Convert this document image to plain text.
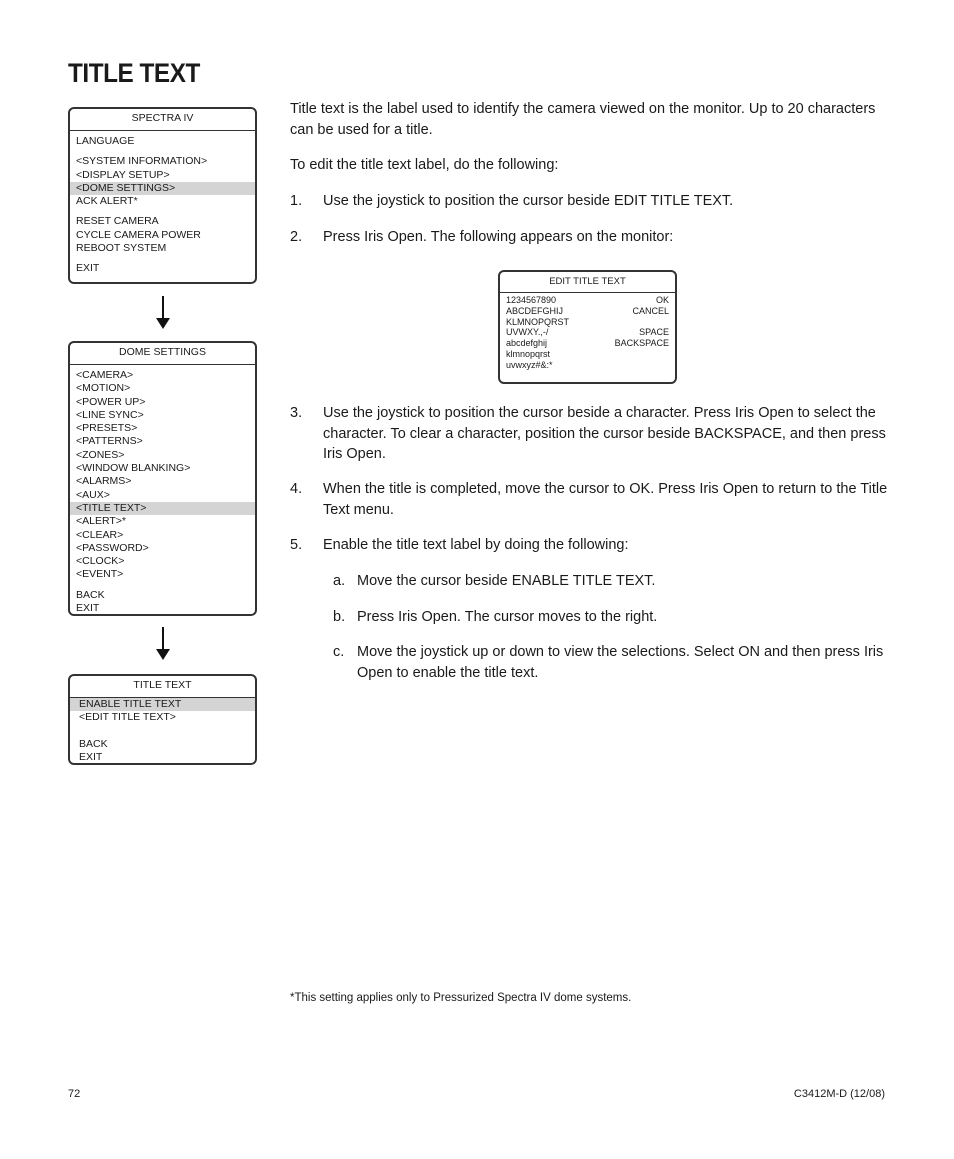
TITLE TEXT
SPECTRA IV
LANGUAGE
<SYSTEM INFORMATION>
<DISPLAY SETUP>
<DOME SETTINGS>
ACK ALERT*
RESET CAMERA
CYCLE CAMERA POWER
REBOOT SYSTEM
EXIT
DOME SETTINGS
<CAMERA>
<MOTION>
<POWER UP>
<LINE SYNC>
<PRESETS>
<PATTERNS>
<ZONES>
<WINDOW BLANKING>
<ALARMS>
<AUX>
<TITLE TEXT>
<ALERT>*
<CLEAR>
<PASSWORD>
<CLOCK>
<EVENT>
BACK
EXIT
TITLE TEXT
ENABLE TITLE TEXT
<EDIT TITLE TEXT>
BACK
EXIT

Title text is the label used to identify the camera viewed on the monitor. Up to 20 characters can be used for a title.

To edit the title text label, do the following:

1. Use the joystick to position the cursor beside EDIT TITLE TEXT.
2. Press Iris Open. The following appears on the monitor:
EDIT TITLE TEXT
1234567890
ABCDEFGHIJ
KLMNOPQRST
UVWXY.,-/
abcdefghij
klmnopqrst
uvwxyz#&:*
OK
CANCEL
SPACE
BACKSPACE
3. Use the joystick to position the cursor beside a character. Press Iris Open to select the character. To clear a character, position the cursor beside BACKSPACE, and then press Iris Open.
4. When the title is completed, move the cursor to OK. Press Iris Open to return to the Title Text menu.
5. Enable the title text label by doing the following:
a. Move the cursor beside ENABLE TITLE TEXT.
b. Press Iris Open. The cursor moves to the right.
c. Move the joystick up or down to view the selections. Select ON and then press Iris Open to enable the title text.
*This setting applies only to Pressurized Spectra IV dome systems.
72	C3412M-D (12/08)
